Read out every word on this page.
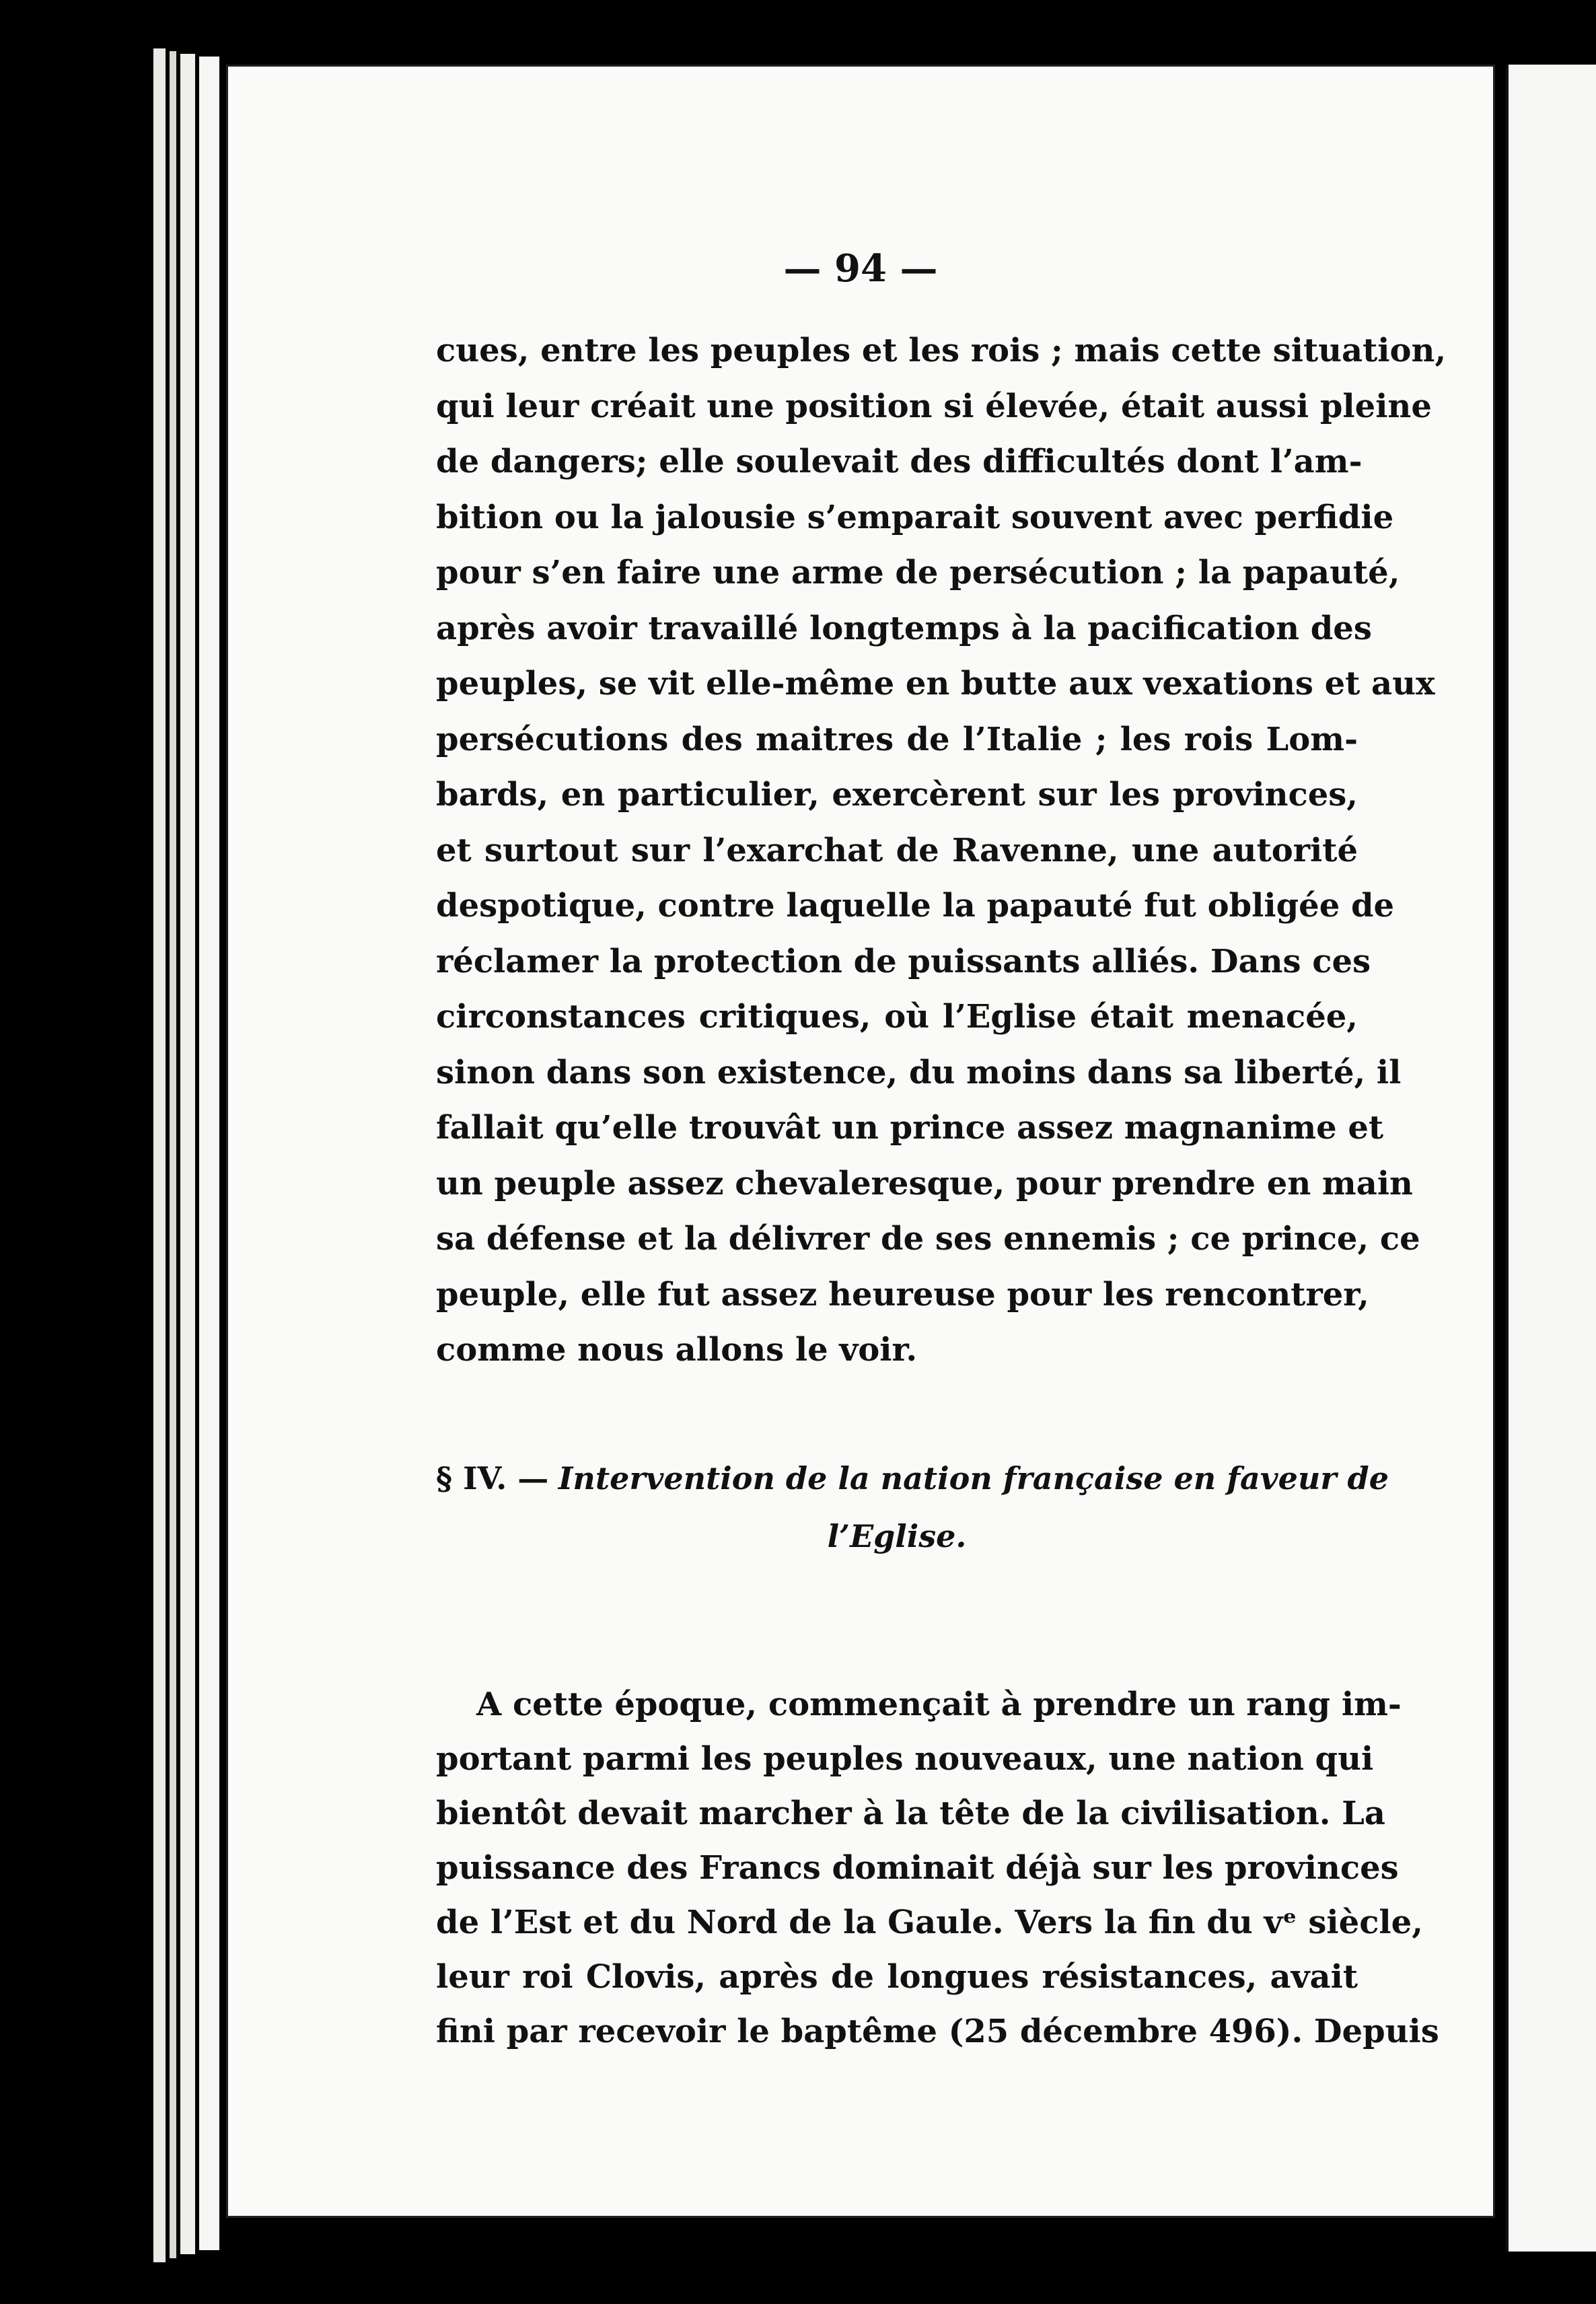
— 94 —
cues, entre les peuples et les rois ; mais cette situation,
qui leur créait une position si élevée, était aussi pleine
de dangers; elle soulevait des difficultés dont l’am-
bition ou la jalousie s’emparait souvent avec perfidie
pour s’en faire une arme de persécution ; la papauté,
après avoir travaillé longtemps à la pacification des
peuples, se vit elle-même en butte aux vexations et aux
persécutions des maitres de l’Italie ; les rois Lom-
bards, en particulier, exercèrent sur les provinces,
et surtout sur l’exarchat de Ravenne, une autorité
despotique, contre laquelle la papauté fut obligée de
réclamer la protection de puissants alliés. Dans ces
circonstances critiques, où l’Eglise était menacée,
sinon dans son existence, du moins dans sa liberté, il
fallait qu’elle trouvât un prince assez magnanime et
un peuple assez chevaleresque, pour prendre en main
sa défense et la délivrer de ses ennemis ; ce prince, ce
peuple, elle fut assez heureuse pour les rencontrer,
comme nous allons le voir.
§ IV. — Intervention de la nation française en faveur de
l’Eglise.
A cette époque, commençait à prendre un rang im-
portant parmi les peuples nouveaux, une nation qui
bientôt devait marcher à la tête de la civilisation. La
puissance des Francs dominait déjà sur les provinces
de l’Est et du Nord de la Gaule. Vers la fin du vᵉ siècle,
leur roi Clovis, après de longues résistances, avait
fini par recevoir le baptême (25 décembre 496). Depuis
